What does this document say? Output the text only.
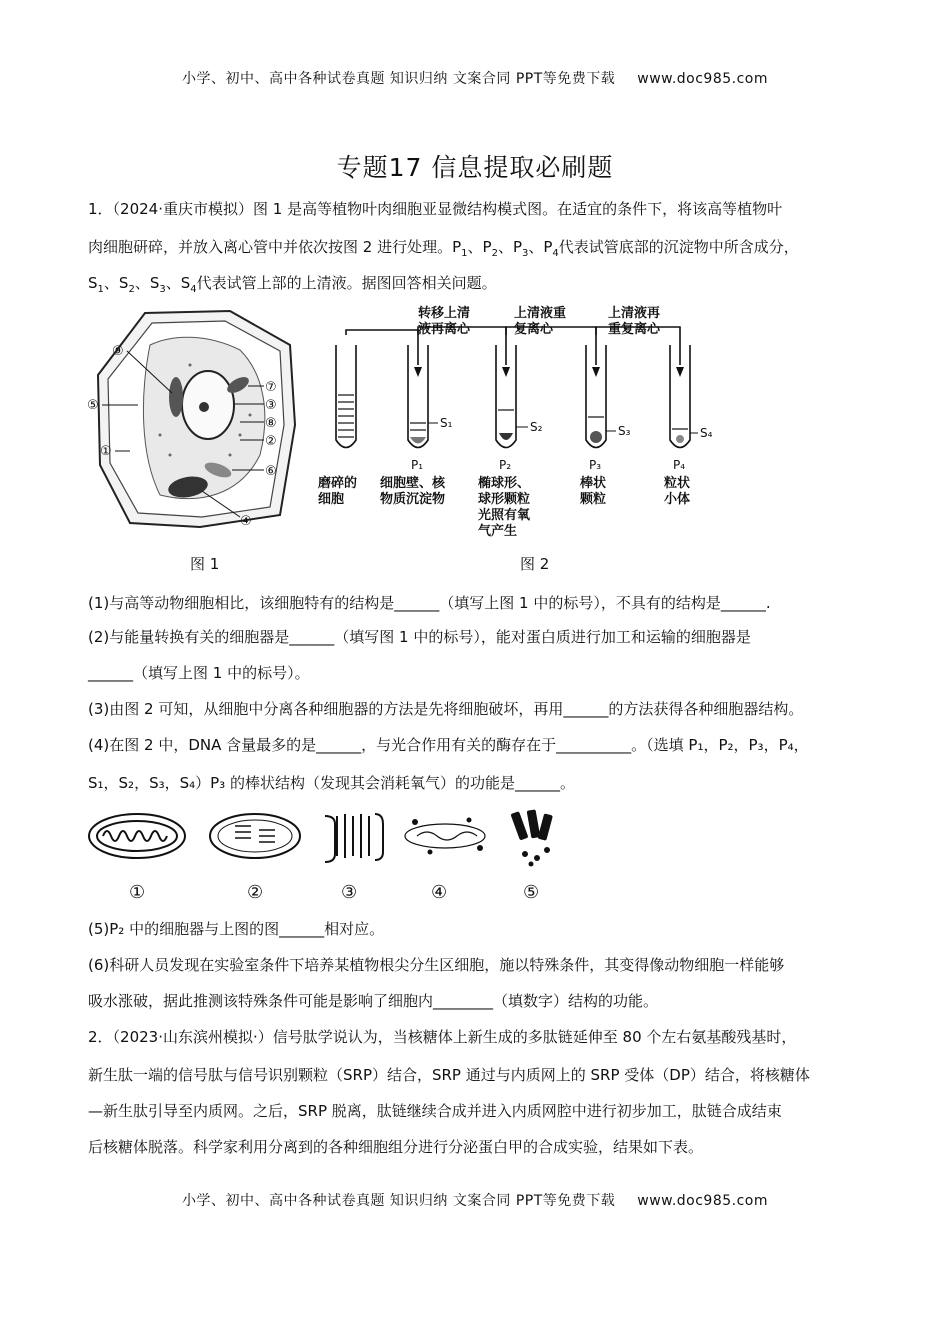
小学、初中、高中各种试卷真题 知识归纳 文案合同 PPT等免费下载 www.doc985.com
专题17 信息提取必刷题
1．（2024·重庆市模拟）图 1 是高等植物叶肉细胞亚显微结构模式图。在适宜的条件下，将该高等植物叶
肉细胞研碎，并放入离心管中并依次按图 2 进行处理。$P_1$、$P_2$、$P_3$、$P_4$代表试管底部的沉淀物中所含成分，
$S_1$、$S_2$、$S_3$、$S_4$代表试管上部的上清液。据图回答相关问题。
⑨
⑤
①
⑦
③
⑧
②
⑥
④
图 1
S₁	S₂	S₃	S₄
P₁	P₂	P₃	P₄
转移上清
液再离心
上清液重
复离心
上清液再
重复离心
磨碎的
细胞
细胞壁、核
物质沉淀物
椭球形、
球形颗粒
光照有氧
气产生
棒状
颗粒
粒状
小体
图 2
(1)与高等动物细胞相比，该细胞特有的结构是______（填写上图 1 中的标号），不具有的结构是______.
(2)与能量转换有关的细胞器是______（填写图 1 中的标号），能对蛋白质进行加工和运输的细胞器是
______（填写上图 1 中的标号）。
(3)由图 2 可知，从细胞中分离各种细胞器的方法是先将细胞破坏，再用______的方法获得各种细胞器结构。
(4)在图 2 中，DNA 含量最多的是______，与光合作用有关的酶存在于__________。（选填 P₁，P₂，P₃，P₄，
S₁，S₂，S₃，S₄）P₃ 的棒状结构（发现其会消耗氧气）的功能是______。
①	②	③	④	⑤
(5)P₂ 中的细胞器与上图的图______相对应。
(6)科研人员发现在实验室条件下培养某植物根尖分生区细胞，施以特殊条件，其变得像动物细胞一样能够
吸水涨破，据此推测该特殊条件可能是影响了细胞内________（填数字）结构的功能。
2．（2023·山东滨州模拟·）信号肽学说认为，当核糖体上新生成的多肽链延伸至 80 个左右氨基酸残基时，
新生肽一端的信号肽与信号识别颗粒（SRP）结合，SRP 通过与内质网上的 SRP 受体（DP）结合，将核糖体
—新生肽引导至内质网。之后，SRP 脱离，肽链继续合成并进入内质网腔中进行初步加工，肽链合成结束
后核糖体脱落。科学家利用分离到的各种细胞组分进行分泌蛋白甲的合成实验，结果如下表。
小学、初中、高中各种试卷真题 知识归纳 文案合同 PPT等免费下载 www.doc985.com
